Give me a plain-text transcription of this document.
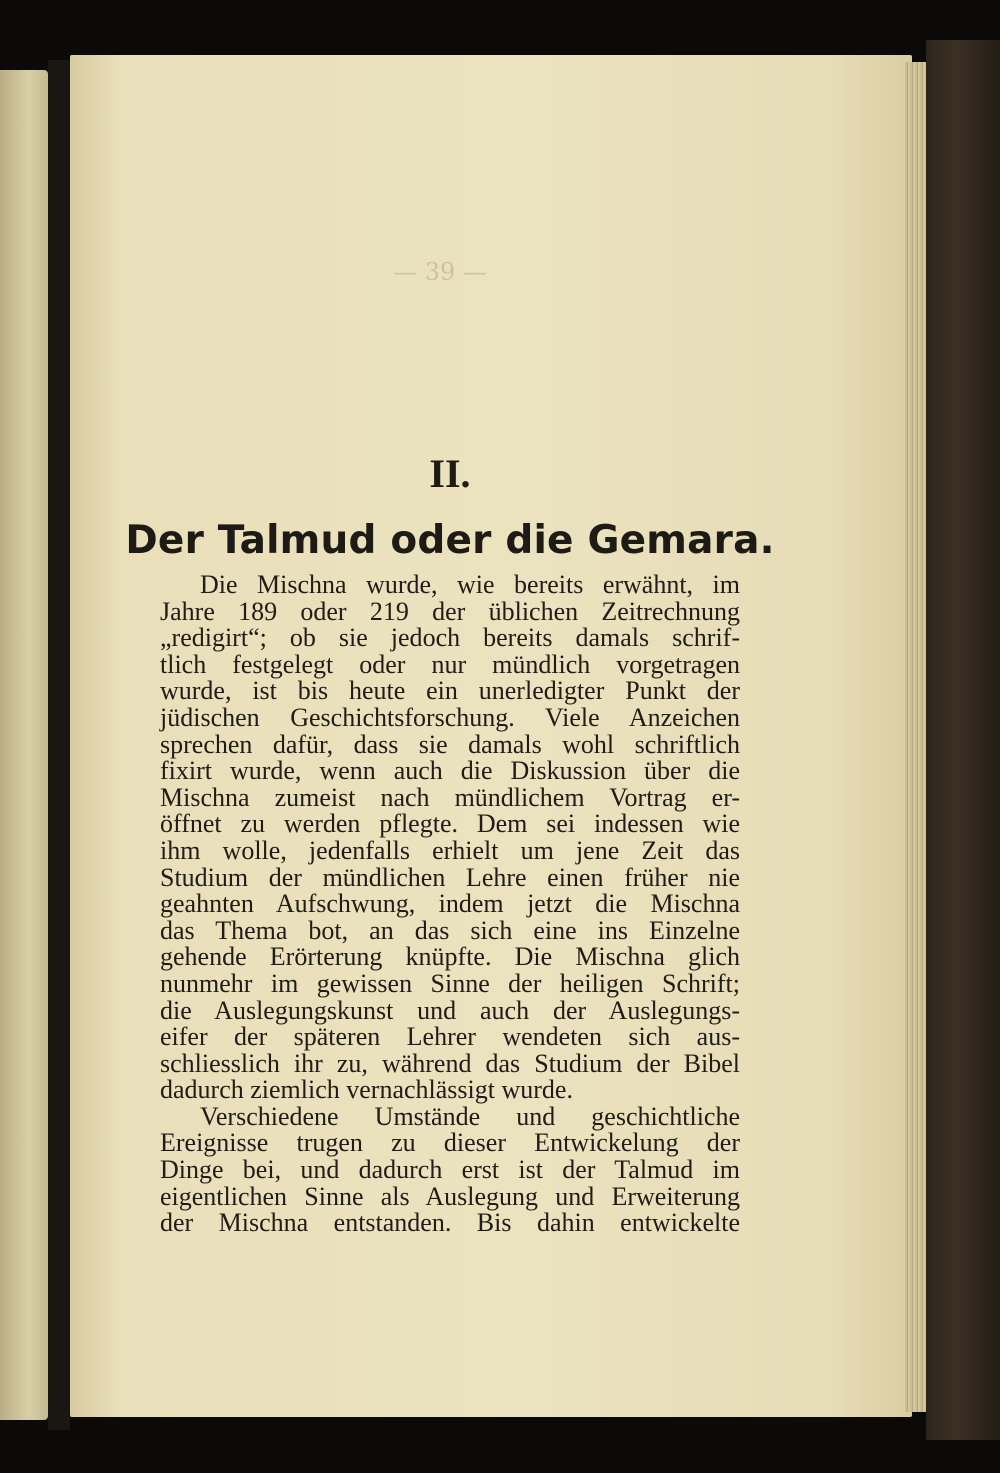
— 39 —
II.
Der Talmud oder die Gemara.
Die Mischna wurde, wie bereits erwähnt, im
Jahre 189 oder 219 der üblichen Zeitrechnung
„redigirt“; ob sie jedoch bereits damals schrif-
tlich festgelegt oder nur mündlich vorgetragen
wurde, ist bis heute ein unerledigter Punkt der
jüdischen Geschichtsforschung. Viele Anzeichen
sprechen dafür, dass sie damals wohl schriftlich
fixirt wurde, wenn auch die Diskussion über die
Mischna zumeist nach mündlichem Vortrag er-
öffnet zu werden pflegte. Dem sei indessen wie
ihm wolle, jedenfalls erhielt um jene Zeit das
Studium der mündlichen Lehre einen früher nie
geahnten Aufschwung, indem jetzt die Mischna
das Thema bot, an das sich eine ins Einzelne
gehende Erörterung knüpfte. Die Mischna glich
nunmehr im gewissen Sinne der heiligen Schrift;
die Auslegungskunst und auch der Auslegungs-
eifer der späteren Lehrer wendeten sich aus-
schliesslich ihr zu, während das Studium der Bibel
dadurch ziemlich vernachlässigt wurde.
Verschiedene Umstände und geschichtliche
Ereignisse trugen zu dieser Entwickelung der
Dinge bei, und dadurch erst ist der Talmud im
eigentlichen Sinne als Auslegung und Erweiterung
der Mischna entstanden. Bis dahin entwickelte
